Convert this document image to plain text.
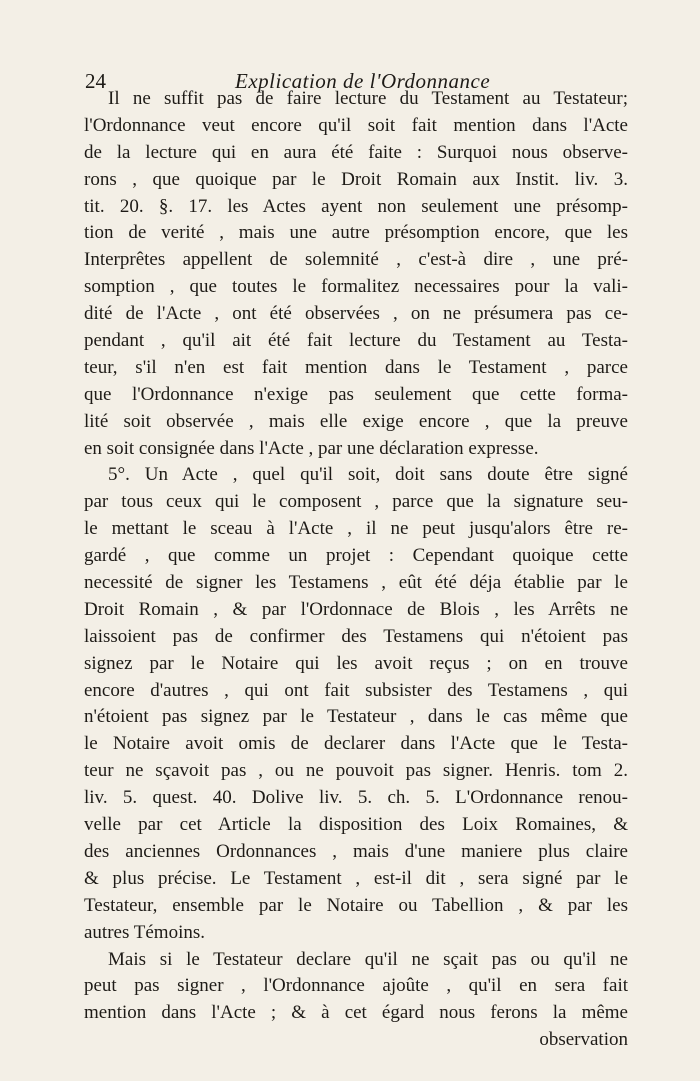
24	Explication de l'Ordonnance
Il ne suffit pas de faire lecture du Testament au Testateur;
l'Ordonnance veut encore qu'il soit fait mention dans l'Acte
de la lecture qui en aura été faite : Surquoi nous observe-
rons , que quoique par le Droit Romain aux Instit. liv. 3.
tit. 20. §. 17. les Actes ayent non seulement une présomp-
tion de verité , mais une autre présomption encore, que les
Interprêtes appellent de solemnité , c'est-à dire , une pré-
somption , que toutes le formalitez necessaires pour la vali-
dité de l'Acte , ont été observées , on ne présumera pas ce-
pendant , qu'il ait été fait lecture du Testament au Testa-
teur, s'il n'en est fait mention dans le Testament , parce
que l'Ordonnance n'exige pas seulement que cette forma-
lité soit observée , mais elle exige encore , que la preuve
en soit consignée dans l'Acte , par une déclaration expresse.
5°. Un Acte , quel qu'il soit, doit sans doute être signé
par tous ceux qui le composent , parce que la signature seu-
le mettant le sceau à l'Acte , il ne peut jusqu'alors être re-
gardé , que comme un projet : Cependant quoique cette
necessité de signer les Testamens , eût été déja établie par le
Droit Romain , & par l'Ordonnace de Blois , les Arrêts ne
laissoient pas de confirmer des Testamens qui n'étoient pas
signez par le Notaire qui les avoit reçus ; on en trouve
encore d'autres , qui ont fait subsister des Testamens , qui
n'étoient pas signez par le Testateur , dans le cas même que
le Notaire avoit omis de declarer dans l'Acte que le Testa-
teur ne sçavoit pas , ou ne pouvoit pas signer. Henris. tom 2.
liv. 5. quest. 40. Dolive liv. 5. ch. 5. L'Ordonnance renou-
velle par cet Article la disposition des Loix Romaines, &
des anciennes Ordonnances , mais d'une maniere plus claire
& plus précise. Le Testament , est-il dit , sera signé par le
Testateur, ensemble par le Notaire ou Tabellion , & par les
autres Témoins.
Mais si le Testateur declare qu'il ne sçait pas ou qu'il ne
peut pas signer , l'Ordonnance ajoûte , qu'il en sera fait
mention dans l'Acte ; & à cet égard nous ferons la même
observation
